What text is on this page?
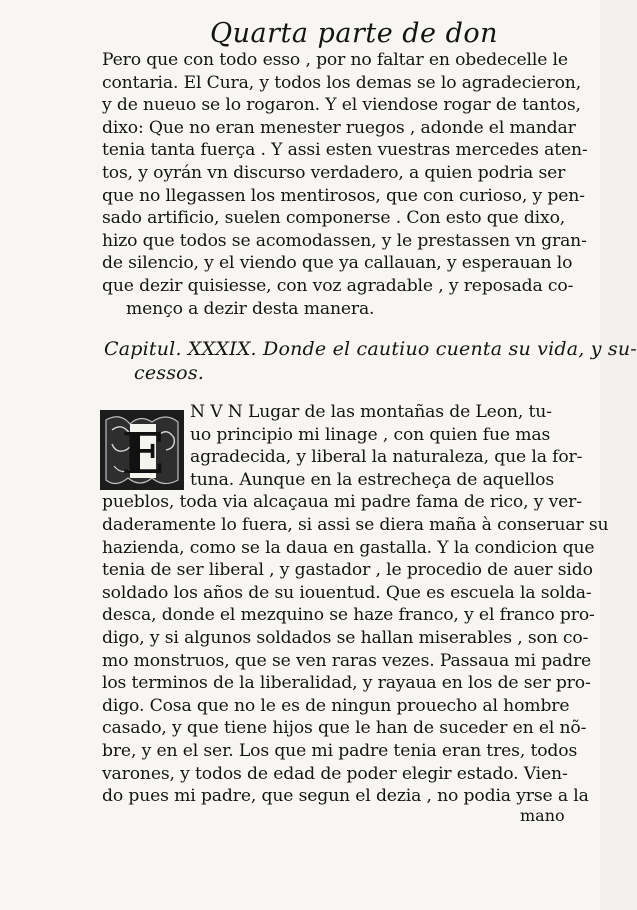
Quarta parte de don
Pero que con todo esso , por no faltar en obedecelle le
contaria. El Cura, y todos los demas se lo agradecieron,
y de nueuo se lo rogaron. Y el viendose rogar de tantos,
dixo: Que no eran menester ruegos , adonde el mandar
tenia tanta fuerça . Y assi esten vuestras mercedes aten-
tos, y oyrán vn discurso verdadero, a quien podria ser
que no llegassen los mentirosos, que con curioso, y pen-
sado artificio, suelen componerse . Con esto que dixo,
hizo que todos se acomodassen, y le prestassen vn gran-
de silencio, y el viendo que ya callauan, y esperauan lo
que dezir quisiesse, con voz agradable , y reposada co-
menço a dezir desta manera.
Capitul. XXXIX. Donde el cautiuo cuenta su vida, y su-
cessos.
E
N V N Lugar de las montañas de Leon, tu-
uo principio mi linage , con quien fue mas
agradecida, y liberal la naturaleza, que la for-
tuna. Aunque en la estrecheça de aquellos
pueblos, toda via alcaçaua mi padre fama de rico, y ver-
daderamente lo fuera, si assi se diera maña à conseruar su
hazienda, como se la daua en gastalla. Y la condicion que
tenia de ser liberal , y gastador , le procedio de auer sido
soldado los años de su iouentud. Que es escuela la solda-
desca, donde el mezquino se haze franco, y el franco pro-
digo, y si algunos soldados se hallan miserables , son co-
mo monstruos, que se ven raras vezes. Passaua mi padre
los terminos de la liberalidad, y rayaua en los de ser pro-
digo. Cosa que no le es de ningun prouecho al hombre
casado, y que tiene hijos que le han de suceder en el nõ-
bre, y en el ser. Los que mi padre tenia eran tres, todos
varones, y todos de edad de poder elegir estado. Vien-
do pues mi padre, que segun el dezia , no podia yrse a la
mano
